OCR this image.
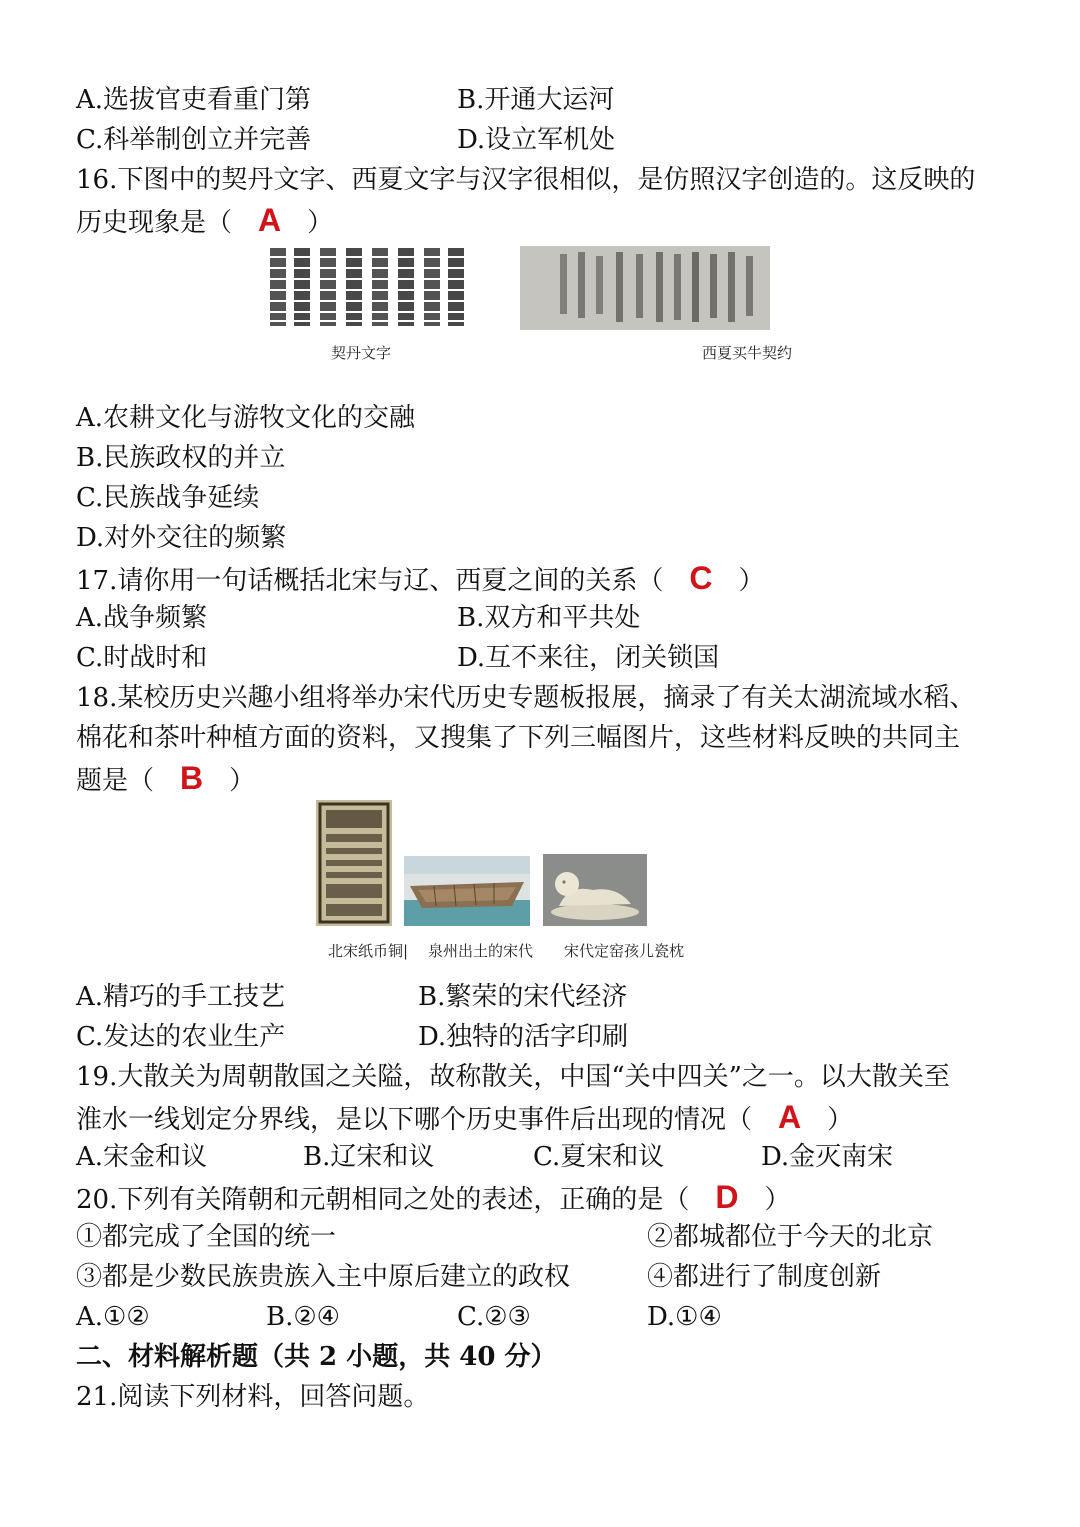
A.选拔官吏看重门第	B.开通大运河
C.科举制创立并完善	D.设立军机处
16.下图中的契丹文字、西夏文字与汉字很相似，是仿照汉字创造的。这反映的
历史现象是（ A ）
契丹文字	西夏买牛契约
A.农耕文化与游牧文化的交融
B.民族政权的并立
C.民族战争延续
D.对外交往的频繁
17.请你用一句话概括北宋与辽、西夏之间的关系（ C ）
A.战争频繁	B.双方和平共处
C.时战时和	D.互不来往，闭关锁国
18.某校历史兴趣小组将举办宋代历史专题板报展，摘录了有关太湖流域水稻、
棉花和茶叶种植方面的资料，又搜集了下列三幅图片，这些材料反映的共同主
题是（ B ）
北宋纸币铜| 泉州出土的宋代 宋代定窑孩儿瓷枕
A.精巧的手工技艺	B.繁荣的宋代经济
C.发达的农业生产	D.独特的活字印刷
19.大散关为周朝散国之关隘，故称散关，中国“关中四关”之一。以大散关至
淮水一线划定分界线，是以下哪个历史事件后出现的情况（ A ）
A.宋金和议	B.辽宋和议	C.夏宋和议	D.金灭南宋
20.下列有关隋朝和元朝相同之处的表述，正确的是（ D ）
①都完成了全国的统一	②都城都位于今天的北京
③都是少数民族贵族入主中原后建立的政权	④都进行了制度创新
A.①②	B.②④	C.②③	D.①④
二、材料解析题（共 2 小题，共 40 分）
21.阅读下列材料，回答问题。
